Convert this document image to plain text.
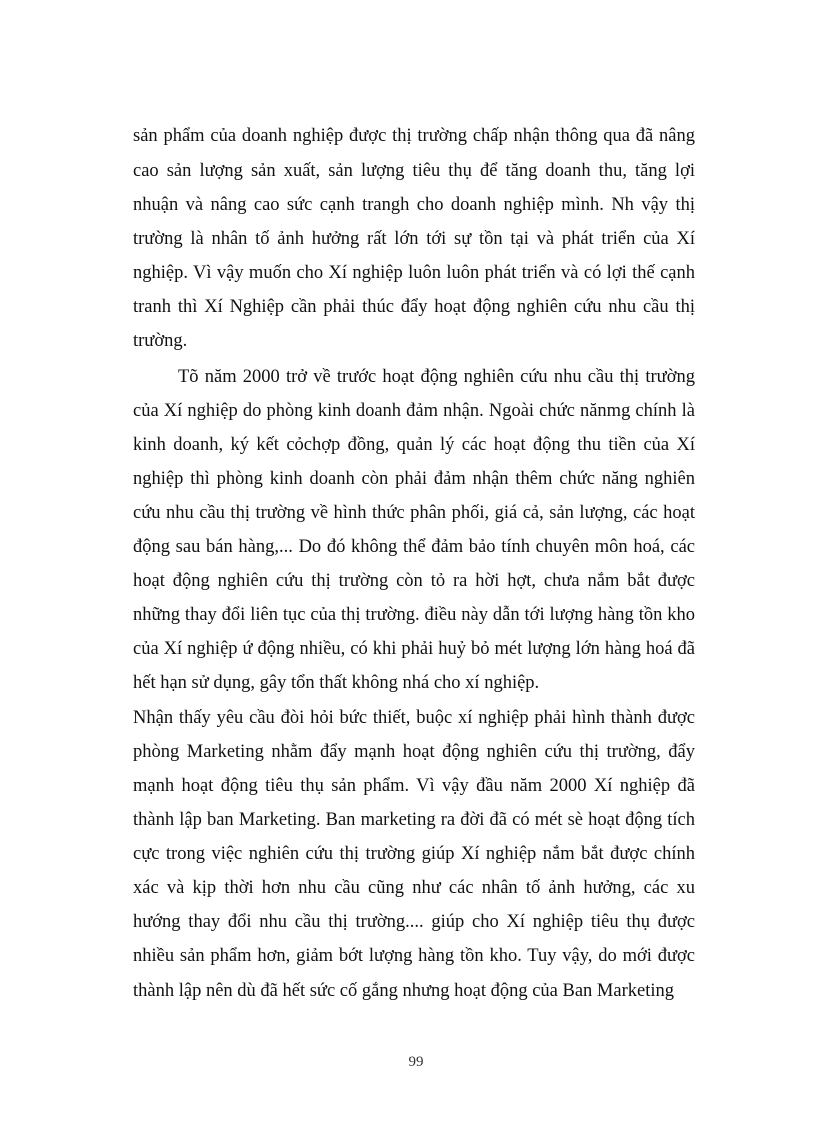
sản phẩm của doanh nghiệp được thị trường chấp nhận thông qua đã nâng
cao sản lượng sản xuất, sản lượng tiêu thụ để tăng doanh thu, tăng lợi
nhuận và nâng cao sức cạnh trangh cho doanh nghiệp mình. Nh vậy thị
trường là nhân tố ảnh hưởng rất lớn tới sự tồn tại và phát triển của Xí
nghiệp. Vì vậy muốn cho Xí nghiệp luôn luôn phát triển và có lợi thế cạnh
tranh thì Xí Nghiệp cần phải thúc đẩy hoạt động nghiên cứu nhu cầu thị
trường.
Tõ năm 2000 trở về trước hoạt động nghiên cứu nhu cầu thị trường
của Xí nghiệp do phòng kinh doanh đảm nhận. Ngoài chức nănmg chính là
kinh doanh, ký kết cỏchợp đồng, quản lý các hoạt động thu tiền của Xí
nghiệp thì phòng kinh doanh còn phải đảm nhận thêm chức năng nghiên
cứu nhu cầu thị trường về hình thức phân phối, giá cả, sản lượng, các hoạt
động sau bán hàng,... Do đó không thể đảm bảo tính chuyên môn hoá, các
hoạt động nghiên cứu thị trường còn tỏ ra hời hợt, chưa nắm bắt được
những thay đổi liên tục của thị trường. điều này dẫn tới lượng hàng tồn kho
của Xí nghiệp ứ động nhiều, có khi phải huỷ bỏ mét lượng lớn hàng hoá đã
hết hạn sử dụng, gây tổn thất không nhá cho xí nghiệp.
Nhận thấy yêu cầu đòi hỏi bức thiết, buộc xí nghiệp phải hình thành được
phòng Marketing nhằm đẩy mạnh hoạt động nghiên cứu thị trường, đẩy
mạnh hoạt động tiêu thụ sản phẩm. Vì vậy đầu năm 2000 Xí nghiệp đã
thành lập ban Marketing. Ban marketing ra đời đã có mét sè hoạt động tích
cực trong việc nghiên cứu thị trường giúp Xí nghiệp nắm bắt được chính
xác và kịp thời hơn nhu cầu cũng như các nhân tố ảnh hưởng, các xu
hướng thay đổi nhu cầu thị trường.... giúp cho Xí nghiệp tiêu thụ được
nhiều sản phẩm hơn, giảm bớt lượng hàng tồn kho. Tuy vậy, do mới được
thành lập nên dù đã hết sức cố gắng nhưng hoạt động của Ban Marketing
99
